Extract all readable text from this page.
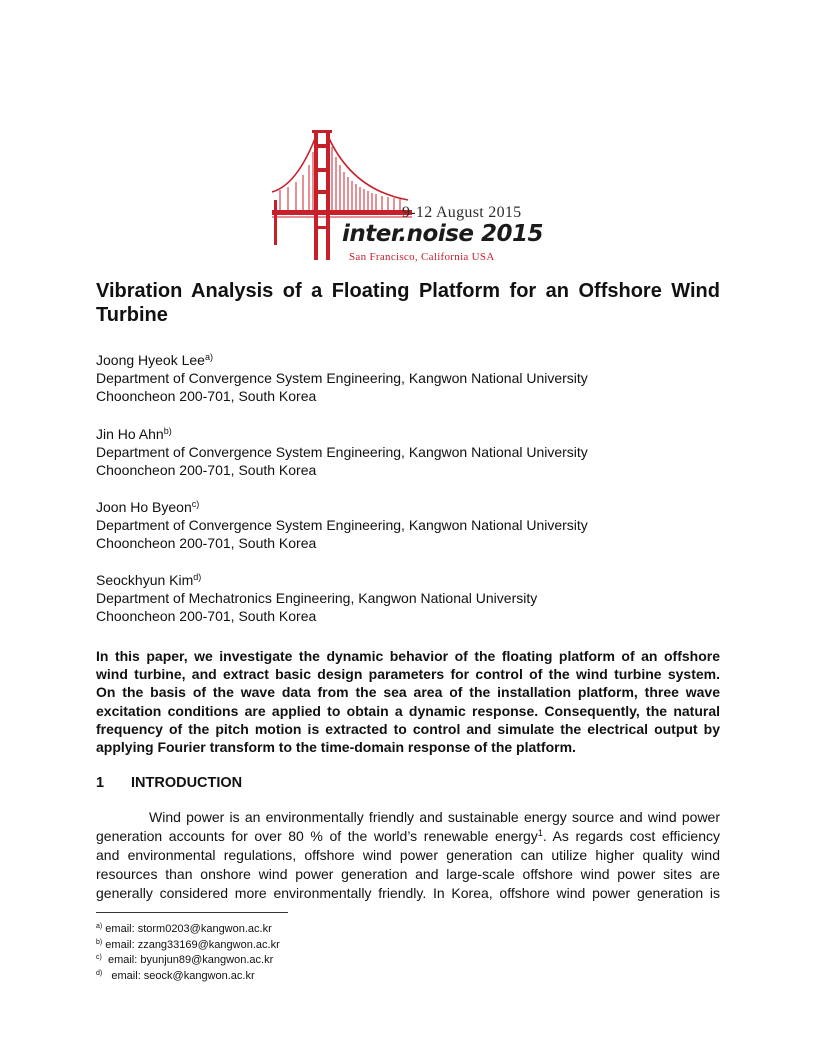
9-12 August 2015
inter.noise 2015
San Francisco, California USA
Vibration Analysis of a Floating Platform for an Offshore Wind
Turbine
Joong Hyeok Lee$^{a)}$
Department of Convergence System Engineering, Kangwon National University
Chooncheon 200-701, South Korea
Jin Ho Ahn$^{b)}$
Department of Convergence System Engineering, Kangwon National University
Chooncheon 200-701, South Korea
Joon Ho Byeon$^{c)}$
Department of Convergence System Engineering, Kangwon National University
Chooncheon 200-701, South Korea
Seockhyun Kim$^{d)}$
Department of Mechatronics Engineering, Kangwon National University
Chooncheon 200-701, South Korea
In this paper, we investigate the dynamic behavior of the floating platform of an offshore
wind turbine, and extract basic design parameters for control of the wind turbine system.
On the basis of the wave data from the sea area of the installation platform, three wave
excitation conditions are applied to obtain a dynamic response. Consequently, the natural
frequency of the pitch motion is extracted to control and simulate the electrical output by
applying Fourier transform to the time-domain response of the platform.
1 INTRODUCTION
Wind power is an environmentally friendly and sustainable energy source and wind power
generation accounts for over 80 % of the world’s renewable energy$^1$. As regards cost efficiency
and environmental regulations, offshore wind power generation can utilize higher quality wind
resources than onshore wind power generation and large-scale offshore wind power sites are
generally considered more environmentally friendly. In Korea, offshore wind power generation is
$^{a)}$ email: storm0203@kangwon.ac.kr
$^{b)}$ email: zzang33169@kangwon.ac.kr
$^{c)}$ email: byunjun89@kangwon.ac.kr
$^{d)}$ email: seock@kangwon.ac.kr
